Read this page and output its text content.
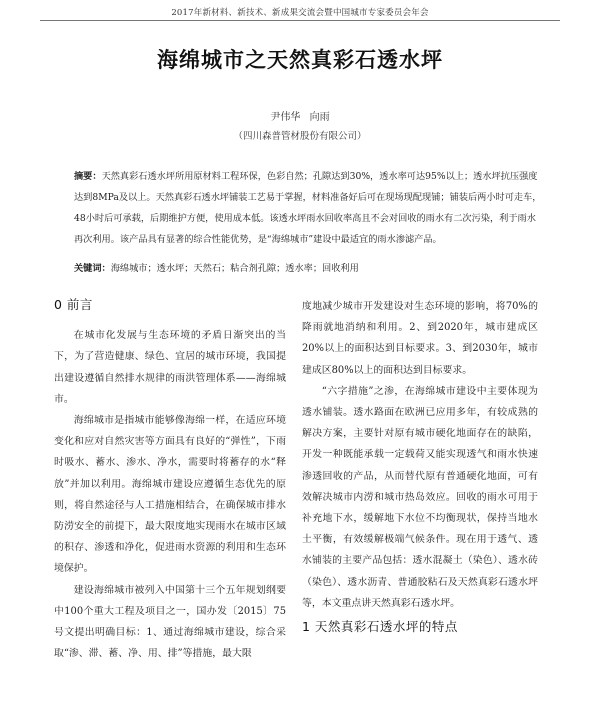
2017年新材料、新技术、新成果交流会暨中国城市专家委员会年会
海绵城市之天然真彩石透水坪
尹伟华 向雨
（四川森普管材股份有限公司）

摘要：天然真彩石透水坪所用原材料工程环保，色彩自然；孔隙达到30%，透水率可达95%以上；透水坪抗压强度达到8MPa及以上。天然真彩石透水坪铺装工艺易于掌握，材料准备好后可在现场现配现铺；铺装后两小时可走车，48小时后可承载，后期维护方便，使用成本低。该透水坪雨水回收率高且不会对回收的雨水有二次污染，利于雨水再次利用。该产品具有显著的综合性能优势，是“海绵城市”建设中最适宜的雨水渗滤产品。

关键词：海绵城市；透水坪；天然石；粘合剂孔隙；透水率；回收利用

0 前言

在城市化发展与生态环境的矛盾日渐突出的当下，为了营造健康、绿色、宜居的城市环境，我国提出建设遵循自然排水规律的雨洪管理体系——海绵城市。

海绵城市是指城市能够像海绵一样，在适应环境变化和应对自然灾害等方面具有良好的“弹性”，下雨时吸水、蓄水、渗水、净水，需要时将蓄存的水“释放”并加以利用。海绵城市建设应遵循生态优先的原则，将自然途径与人工措施相结合，在确保城市排水防涝安全的前提下，最大限度地实现雨水在城市区域的积存、渗透和净化，促进雨水资源的利用和生态环境保护。

建设海绵城市被列入中国第十三个五年规划纲要中100个重大工程及项目之一，国办发〔2015〕75号文提出明确目标：1、通过海绵城市建设，综合采取“渗、滞、蓄、净、用、排”等措施，最大限

度地减少城市开发建设对生态环境的影响，将70%的降雨就地消纳和利用。2、到2020年，城市建成区20%以上的面积达到目标要求。3、到2030年，城市建成区80%以上的面积达到目标要求。

“六字措施”之渗，在海绵城市建设中主要体现为透水铺装。透水路面在欧洲已应用多年，有较成熟的解决方案，主要针对原有城市硬化地面存在的缺陷，开发一种既能承载一定载荷又能实现透气和雨水快速渗透回收的产品，从而替代原有普通硬化地面，可有效解决城市内涝和城市热岛效应。回收的雨水可用于补充地下水，缓解地下水位不均衡现状，保持当地水土平衡，有效缓解极端气候条件。现在用于透气、透水铺装的主要产品包括：透水混凝土（染色）、透水砖（染色）、透水沥青、普通胶粘石及天然真彩石透水坪等，本文重点讲天然真彩石透水坪。

1 天然真彩石透水坪的特点
